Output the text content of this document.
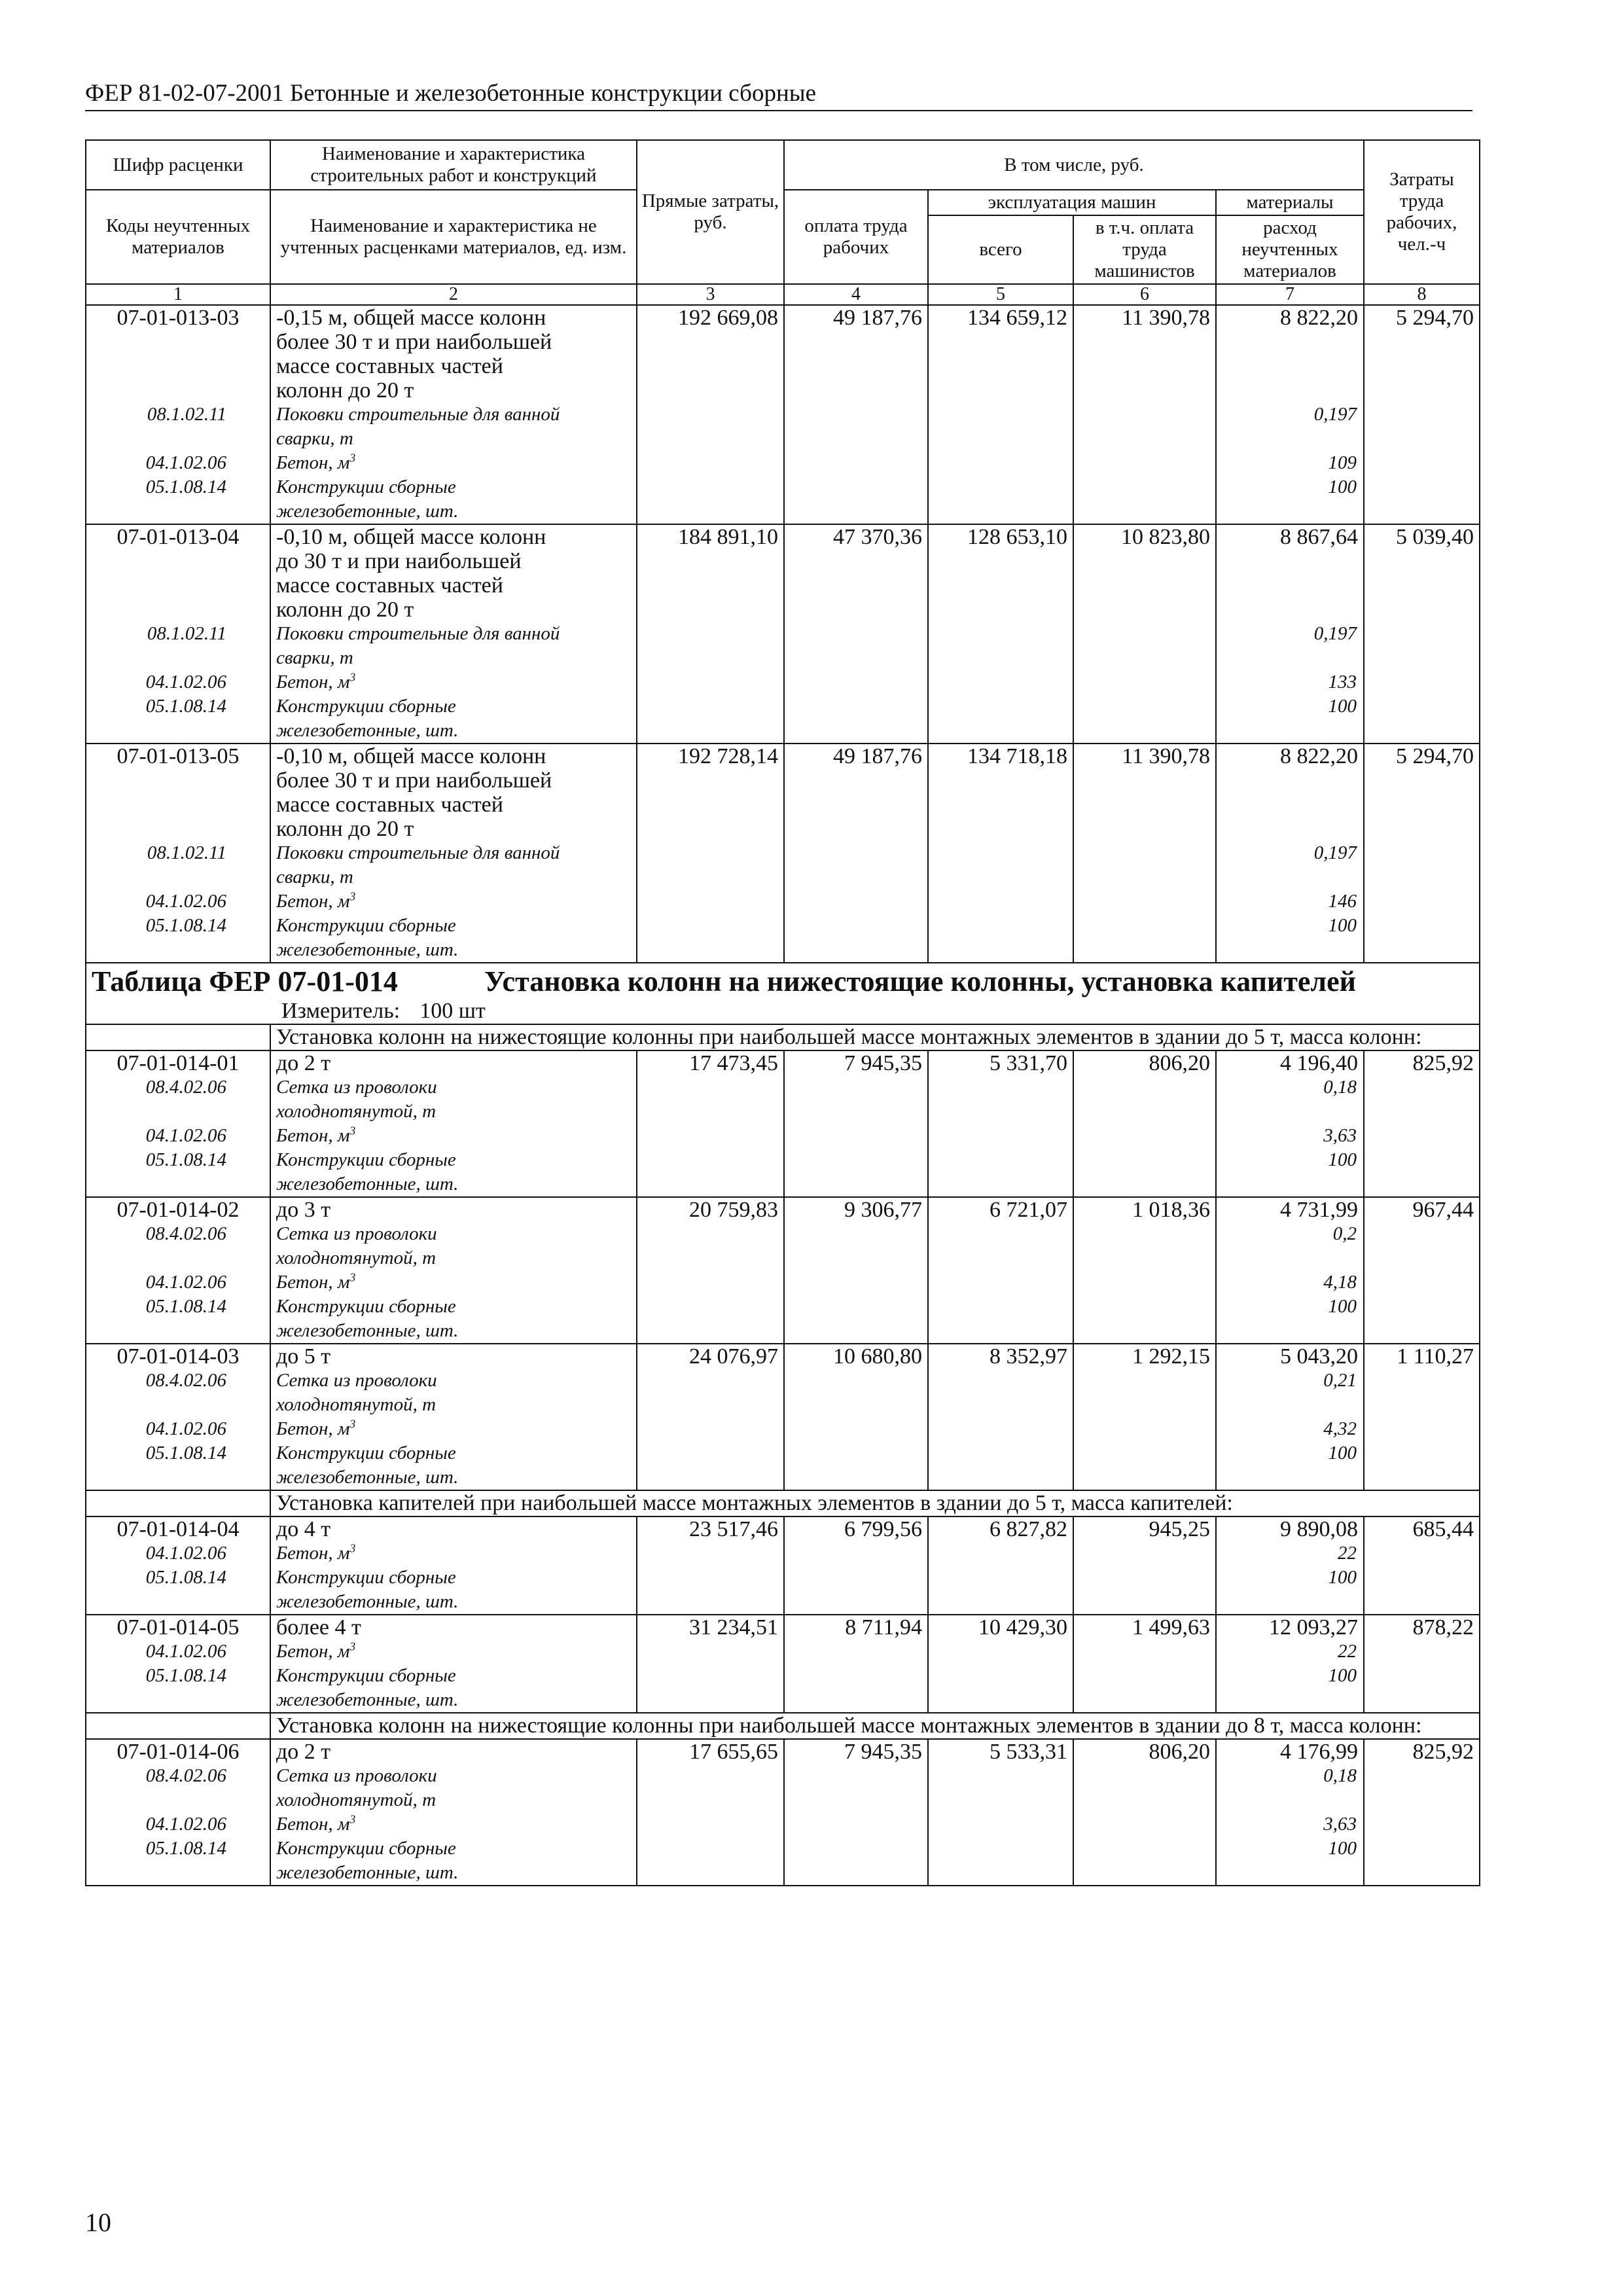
ФЕР 81-02-07-2001 Бетонные и железобетонные конструкции сборные
Шифр расценки	Наименование и характеристика строительных работ и конструкций	Прямые затраты, руб.	В том числе, руб.				Затраты труда рабочих, чел.-ч
Коды неучтенных материалов	Наименование и характеристика не учтенных расценками материалов, ед. изм.		оплата труда рабочих	эксплуатация машин		материалы	
				всего	в т.ч. оплата труда машинистов	расход неучтенных материалов	
1	2	3	4	5	6	7	8
07-01-013-03	-0,15 м, общей массе колонн
более 30 т и при наибольшей
массе составных частей
колонн до 20 т	192 669,08	49 187,76	134 659,12	11 390,78	8 822,20	5 294,70
08.1.02.11	Поковки строительные для ванной
сварки, т					0,197	
04.1.02.06	Бетон, $м^3$					109	
05.1.08.14	Конструкции сборные
железобетонные, шт.					100	
07-01-013-04	-0,10 м, общей массе колонн
до 30 т и при наибольшей
массе составных частей
колонн до 20 т	184 891,10	47 370,36	128 653,10	10 823,80	8 867,64	5 039,40
08.1.02.11	Поковки строительные для ванной
сварки, т					0,197	
04.1.02.06	Бетон, $м^3$					133	
05.1.08.14	Конструкции сборные
железобетонные, шт.					100	
07-01-013-05	-0,10 м, общей массе колонн
более 30 т и при наибольшей
массе составных частей
колонн до 20 т	192 728,14	49 187,76	134 718,18	11 390,78	8 822,20	5 294,70
08.1.02.11	Поковки строительные для ванной
сварки, т					0,197	
04.1.02.06	Бетон, $м^3$					146	
05.1.08.14	Конструкции сборные
железобетонные, шт.					100	
Таблица ФЕР 07-01-014 Установка колонн на нижестоящие колонны, установка капителей							
Измеритель: 100 шт							
	Установка колонн на нижестоящие колонны при наибольшей массе монтажных элементов в здании до 5 т, масса колонн:						
07-01-014-01	до 2 т	17 473,45	7 945,35	5 331,70	806,20	4 196,40	825,92
08.4.02.06	Сетка из проволоки
холоднотянутой, т					0,18	
04.1.02.06	Бетон, $м^3$					3,63	
05.1.08.14	Конструкции сборные
железобетонные, шт.					100	
07-01-014-02	до 3 т	20 759,83	9 306,77	6 721,07	1 018,36	4 731,99	967,44
08.4.02.06	Сетка из проволоки
холоднотянутой, т					0,2	
04.1.02.06	Бетон, $м^3$					4,18	
05.1.08.14	Конструкции сборные
железобетонные, шт.					100	
07-01-014-03	до 5 т	24 076,97	10 680,80	8 352,97	1 292,15	5 043,20	1 110,27
08.4.02.06	Сетка из проволоки
холоднотянутой, т					0,21	
04.1.02.06	Бетон, $м^3$					4,32	
05.1.08.14	Конструкции сборные
железобетонные, шт.					100	
	Установка капителей при наибольшей массе монтажных элементов в здании до 5 т, масса капителей:						
07-01-014-04	до 4 т	23 517,46	6 799,56	6 827,82	945,25	9 890,08	685,44
04.1.02.06	Бетон, $м^3$					22	
05.1.08.14	Конструкции сборные
железобетонные, шт.					100	
07-01-014-05	более 4 т	31 234,51	8 711,94	10 429,30	1 499,63	12 093,27	878,22
04.1.02.06	Бетон, $м^3$					22	
05.1.08.14	Конструкции сборные
железобетонные, шт.					100	
	Установка колонн на нижестоящие колонны при наибольшей массе монтажных элементов в здании до 8 т, масса колонн:						
07-01-014-06	до 2 т	17 655,65	7 945,35	5 533,31	806,20	4 176,99	825,92
08.4.02.06	Сетка из проволоки
холоднотянутой, т					0,18	
04.1.02.06	Бетон, $м^3$					3,63	
05.1.08.14	Конструкции сборные
железобетонные, шт.					100	
10
